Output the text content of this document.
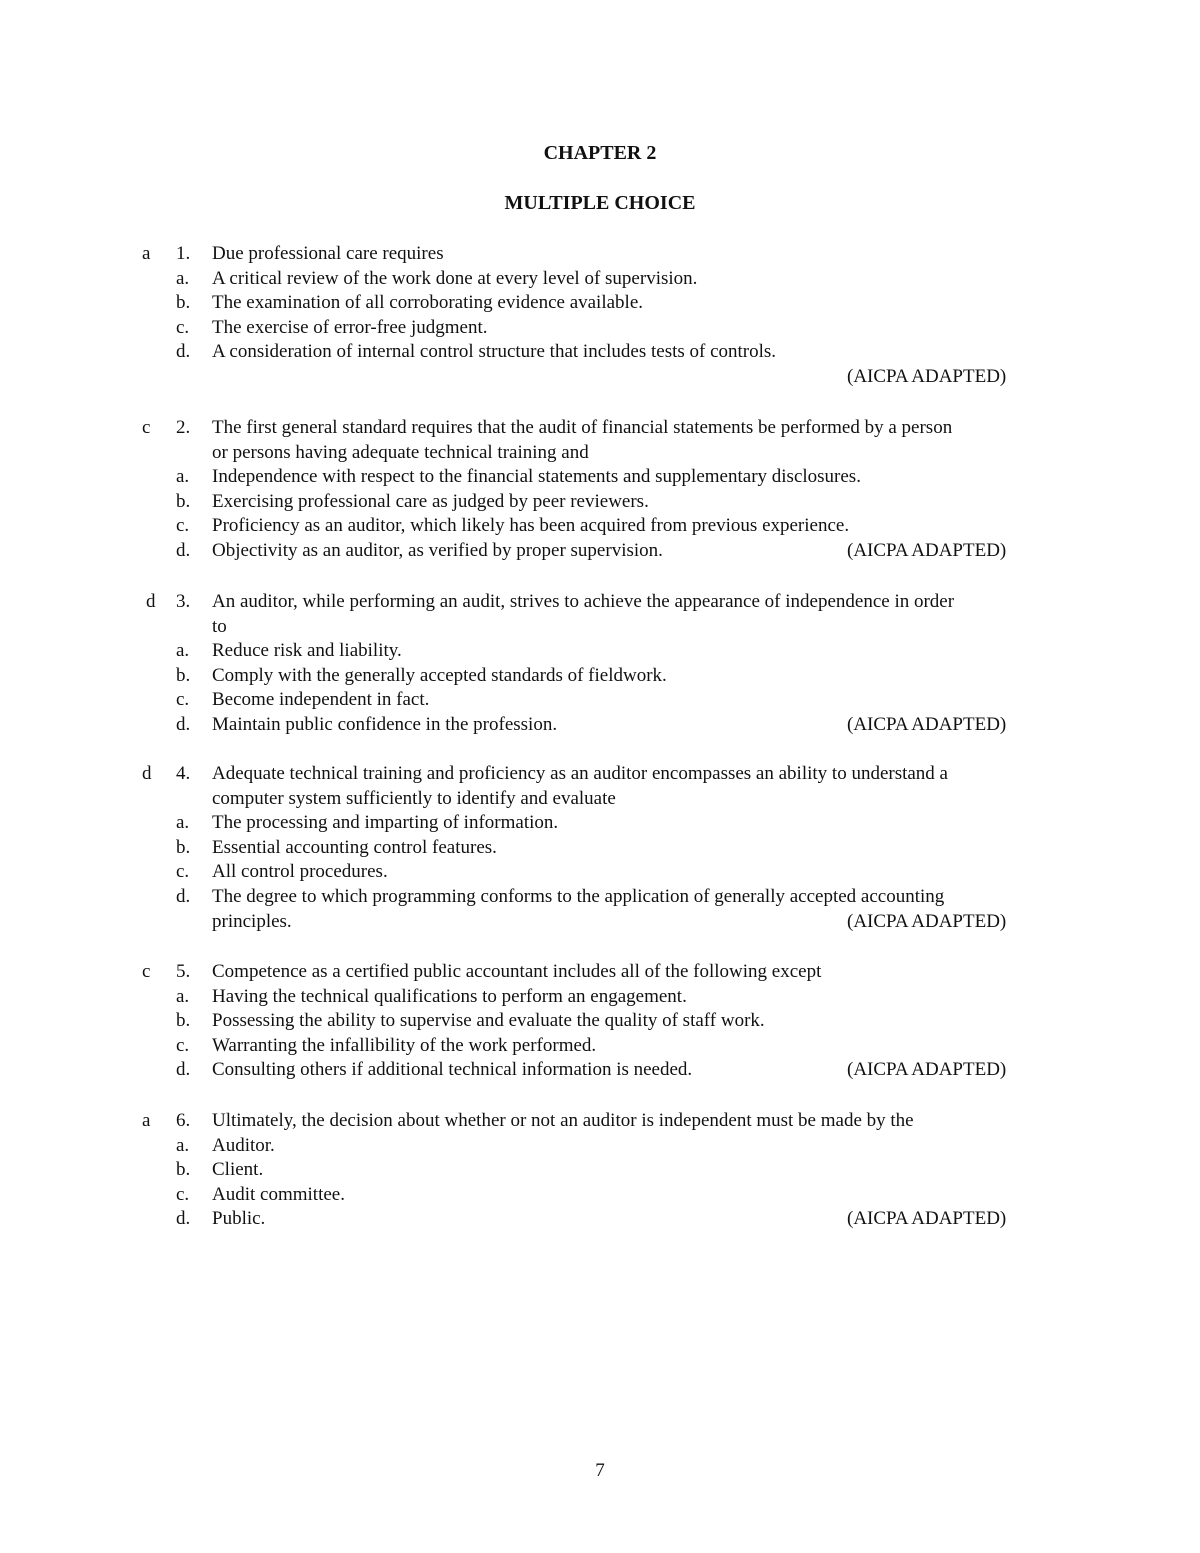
CHAPTER 2
MULTIPLE CHOICE
a 1. Due professional care requires
a. A critical review of the work done at every level of supervision.
b. The examination of all corroborating evidence available.
c. The exercise of error-free judgment.
d. A consideration of internal control structure that includes tests of controls.
(AICPA ADAPTED)
c 2. The first general standard requires that the audit of financial statements be performed by a person
or persons having adequate technical training and
a. Independence with respect to the financial statements and supplementary disclosures.
b. Exercising professional care as judged by peer reviewers.
c. Proficiency as an auditor, which likely has been acquired from previous experience.
d. Objectivity as an auditor, as verified by proper supervision.	(AICPA ADAPTED)
d 3. An auditor, while performing an audit, strives to achieve the appearance of independence in order
to
a. Reduce risk and liability.
b. Comply with the generally accepted standards of fieldwork.
c. Become independent in fact.
d. Maintain public confidence in the profession.	(AICPA ADAPTED)
d 4. Adequate technical training and proficiency as an auditor encompasses an ability to understand a
computer system sufficiently to identify and evaluate
a. The processing and imparting of information.
b. Essential accounting control features.
c. All control procedures.
d. The degree to which programming conforms to the application of generally accepted accounting
principles.	(AICPA ADAPTED)
c 5. Competence as a certified public accountant includes all of the following except
a. Having the technical qualifications to perform an engagement.
b. Possessing the ability to supervise and evaluate the quality of staff work.
c. Warranting the infallibility of the work performed.
d. Consulting others if additional technical information is needed.	(AICPA ADAPTED)
a 6. Ultimately, the decision about whether or not an auditor is independent must be made by the
a. Auditor.
b. Client.
c. Audit committee.
d. Public.	(AICPA ADAPTED)
7
